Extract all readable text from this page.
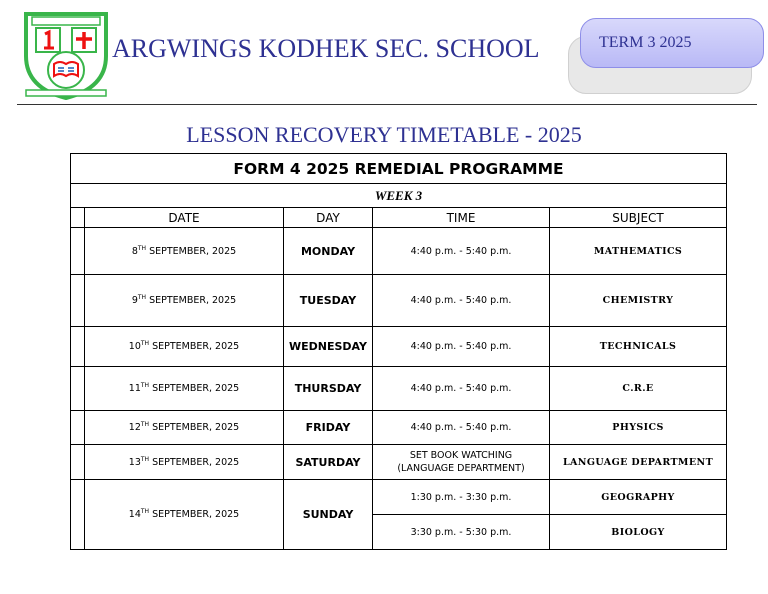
ARGWINGS KODHEK SEC. SCHOOL	TERM 3 2025
LESSON RECOVERY TIMETABLE - 2025
FORM 4 2025 REMEDIAL PROGRAMME				
WEEK 3				
	DATE	DAY	TIME	SUBJECT
	8TH SEPTEMBER, 2025	MONDAY	4:40 p.m. - 5:40 p.m.	MATHEMATICS
	9TH SEPTEMBER, 2025	TUESDAY	4:40 p.m. - 5:40 p.m.	CHEMISTRY
	10TH SEPTEMBER, 2025	WEDNESDAY	4:40 p.m. - 5:40 p.m.	TECHNICALS
	11TH SEPTEMBER, 2025	THURSDAY	4:40 p.m. - 5:40 p.m.	C.R.E
	12TH SEPTEMBER, 2025	FRIDAY	4:40 p.m. - 5:40 p.m.	PHYSICS
	13TH SEPTEMBER, 2025	SATURDAY	SET BOOK WATCHING
(LANGUAGE DEPARTMENT)	LANGUAGE DEPARTMENT
	14TH SEPTEMBER, 2025	SUNDAY	1:30 p.m. - 3:30 p.m.	GEOGRAPHY
			3:30 p.m. - 5:30 p.m.	BIOLOGY
